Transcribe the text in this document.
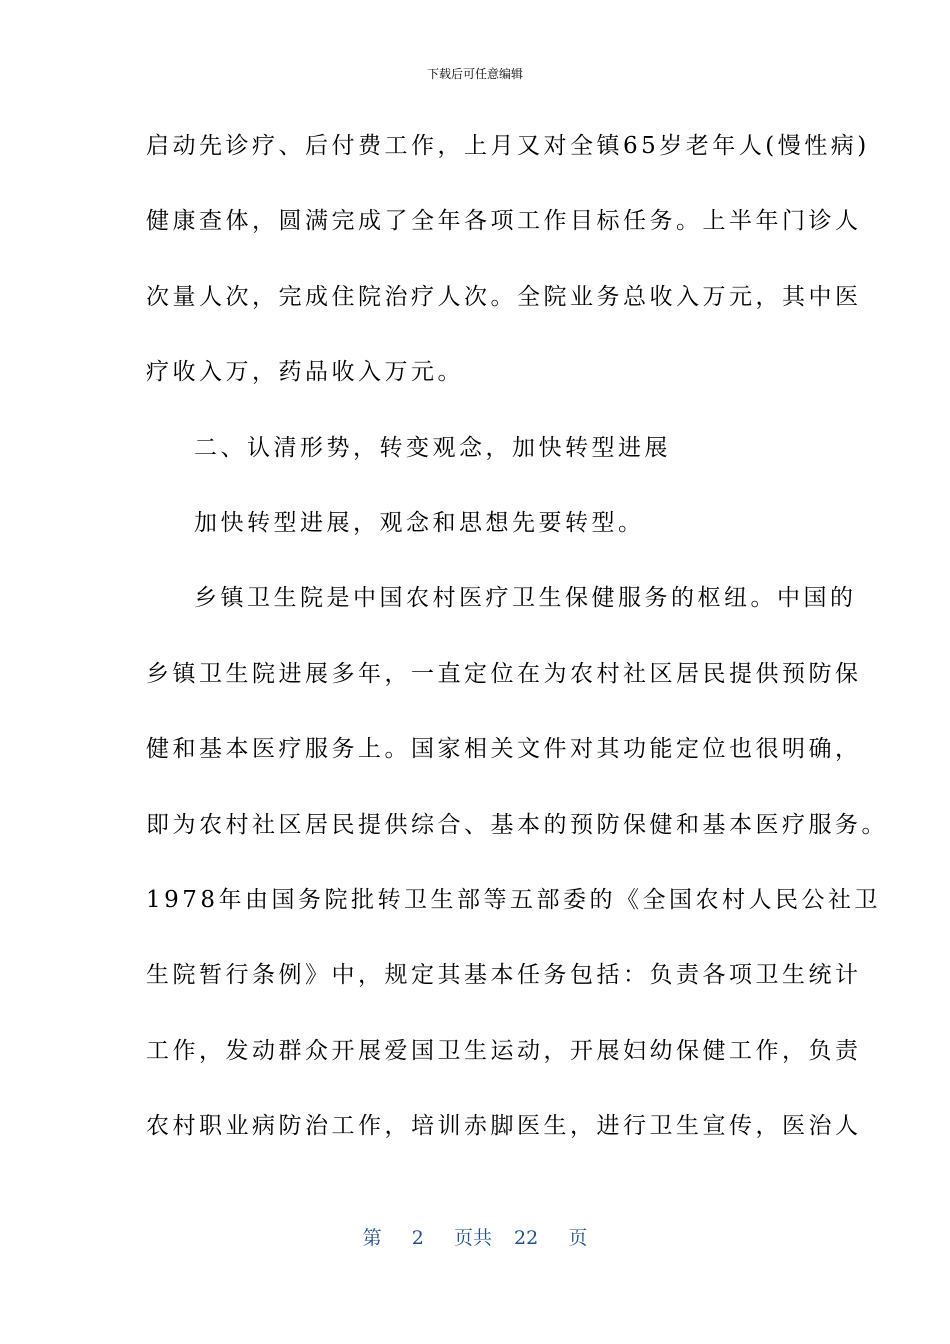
下载后可任意编辑
启动先诊疗、后付费工作，上月又对全镇65岁老年人(慢性病)
健康查体，圆满完成了全年各项工作目标任务。上半年门诊人
次量人次，完成住院治疗人次。全院业务总收入万元，其中医
疗收入万，药品收入万元。
二、认清形势，转变观念，加快转型进展
加快转型进展，观念和思想先要转型。
乡镇卫生院是中国农村医疗卫生保健服务的枢纽。中国的
乡镇卫生院进展多年，一直定位在为农村社区居民提供预防保
健和基本医疗服务上。国家相关文件对其功能定位也很明确，
即为农村社区居民提供综合、基本的预防保健和基本医疗服务。
1978年由国务院批转卫生部等五部委的《全国农村人民公社卫
生院暂行条例》中，规定其基本任务包括：负责各项卫生统计
工作，发动群众开展爱国卫生运动，开展妇幼保健工作，负责
农村职业病防治工作，培训赤脚医生，进行卫生宣传，医治人
第 2 页共 22 页
